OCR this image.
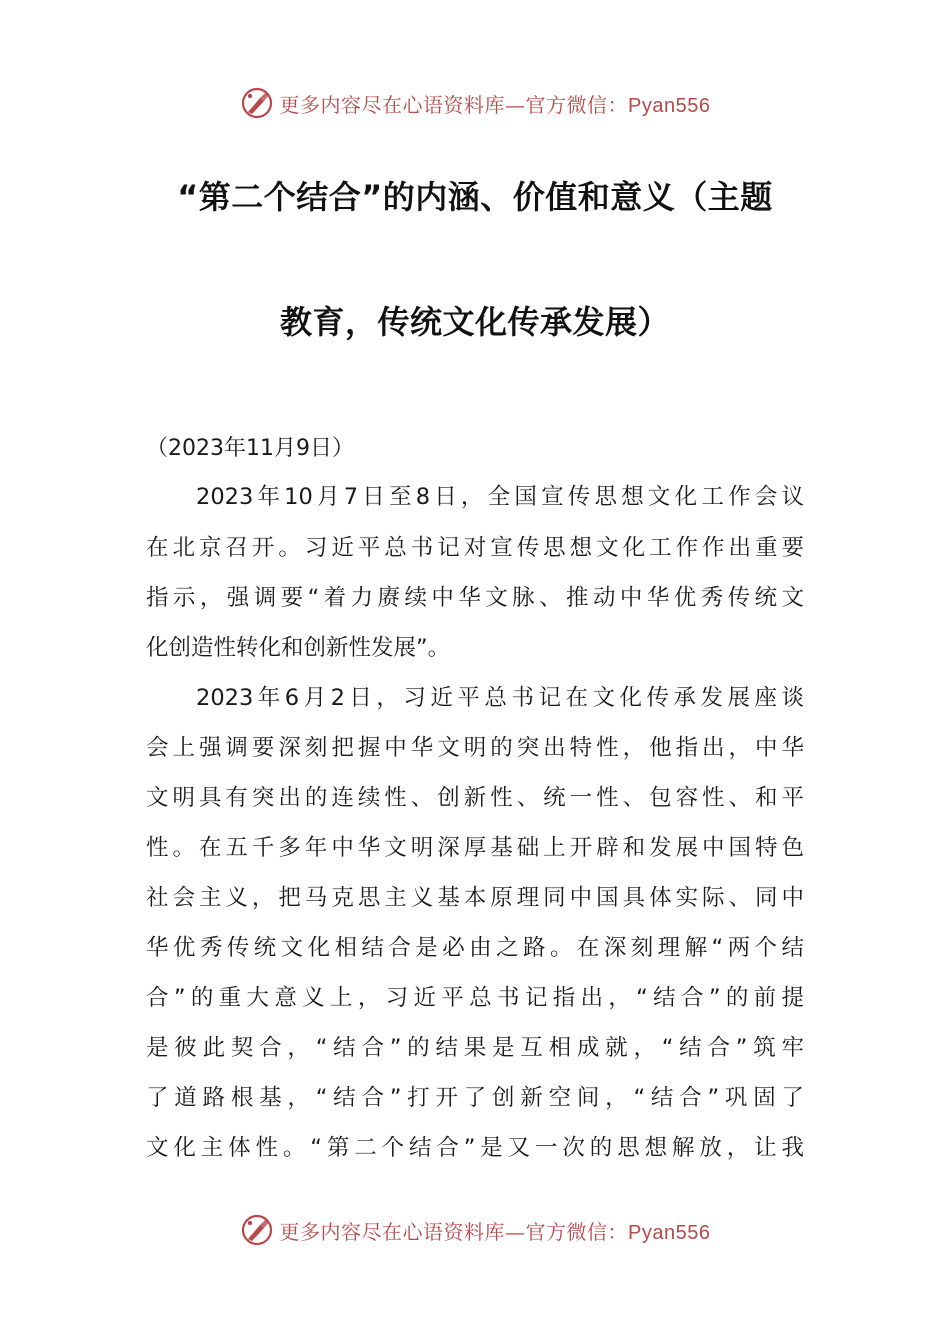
更多内容尽在心语资料库—官方微信：Pyan556
“第二个结合”的内涵、价值和意义（主题
教育，传统文化传承发展）
（2023年11月9日）
2023年10月7日至8日，全国宣传思想文化工作会议
在北京召开。习近平总书记对宣传思想文化工作作出重要
指示，强调要“着力赓续中华文脉、推动中华优秀传统文
化创造性转化和创新性发展”。
2023年6月2日，习近平总书记在文化传承发展座谈
会上强调要深刻把握中华文明的突出特性，他指出，中华
文明具有突出的连续性、创新性、统一性、包容性、和平
性。在五千多年中华文明深厚基础上开辟和发展中国特色
社会主义，把马克思主义基本原理同中国具体实际、同中
华优秀传统文化相结合是必由之路。在深刻理解“两个结
合”的重大意义上，习近平总书记指出，“结合”的前提
是彼此契合，“结合”的结果是互相成就，“结合”筑牢
了道路根基，“结合”打开了创新空间，“结合”巩固了
文化主体性。“第二个结合”是又一次的思想解放，让我
更多内容尽在心语资料库—官方微信：Pyan556
